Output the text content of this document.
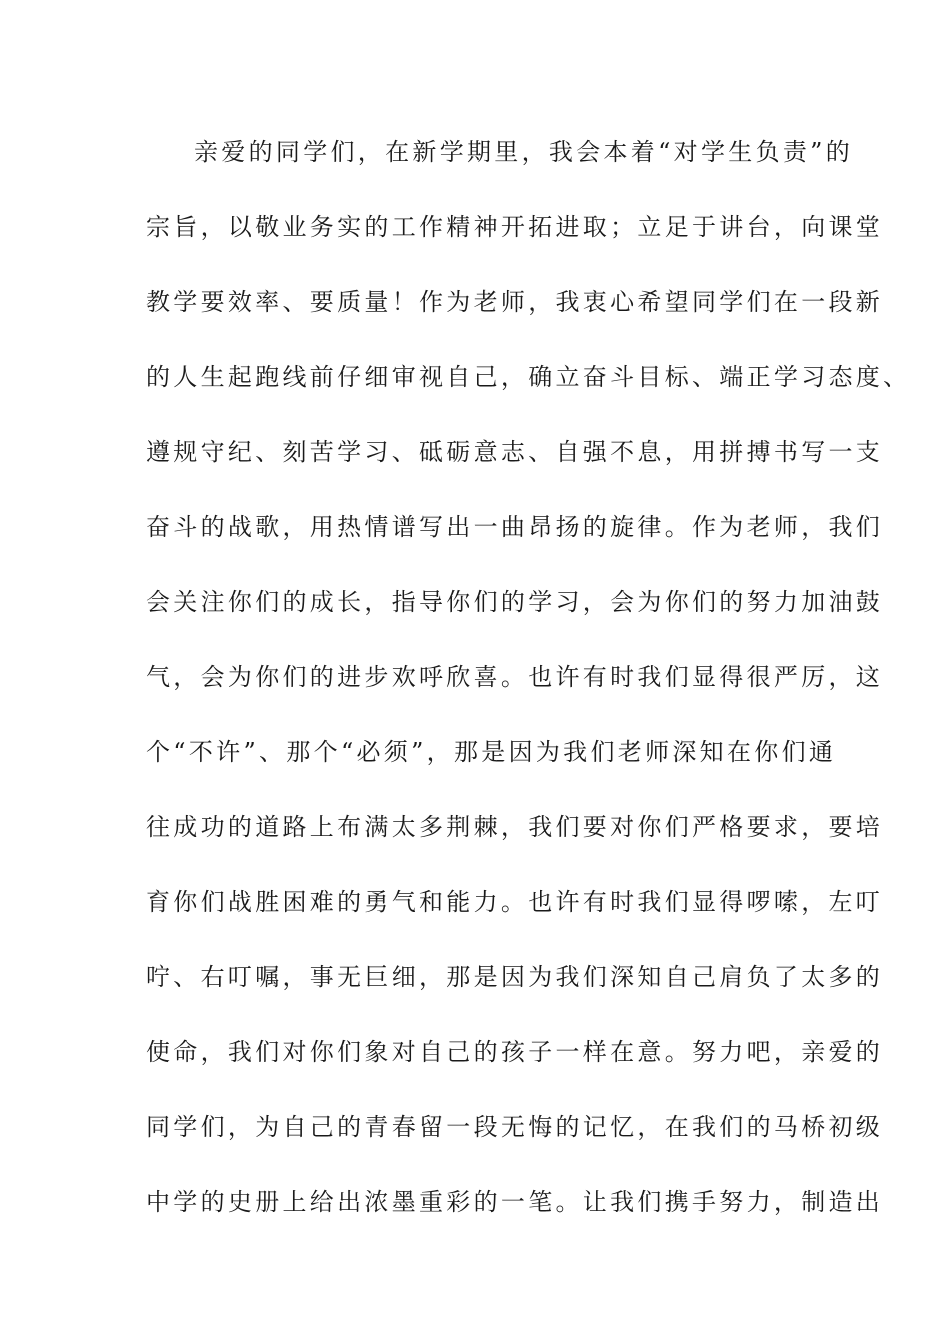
亲爱的同学们，在新学期里，我会本着“对学生负责”的
宗旨，以敬业务实的工作精神开拓进取；立足于讲台，向课堂
教学要效率、要质量！作为老师，我衷心希望同学们在一段新
的人生起跑线前仔细审视自己，确立奋斗目标、端正学习态度、
遵规守纪、刻苦学习、砥砺意志、自强不息，用拼搏书写一支
奋斗的战歌，用热情谱写出一曲昂扬的旋律。作为老师，我们
会关注你们的成长，指导你们的学习，会为你们的努力加油鼓
气，会为你们的进步欢呼欣喜。也许有时我们显得很严厉，这
个“不许”、那个“必须”，那是因为我们老师深知在你们通
往成功的道路上布满太多荆棘，我们要对你们严格要求，要培
育你们战胜困难的勇气和能力。也许有时我们显得啰嗦，左叮
咛、右叮嘱，事无巨细，那是因为我们深知自己肩负了太多的
使命，我们对你们象对自己的孩子一样在意。努力吧，亲爱的
同学们，为自己的青春留一段无悔的记忆，在我们的马桥初级
中学的史册上给出浓墨重彩的一笔。让我们携手努力，制造出
